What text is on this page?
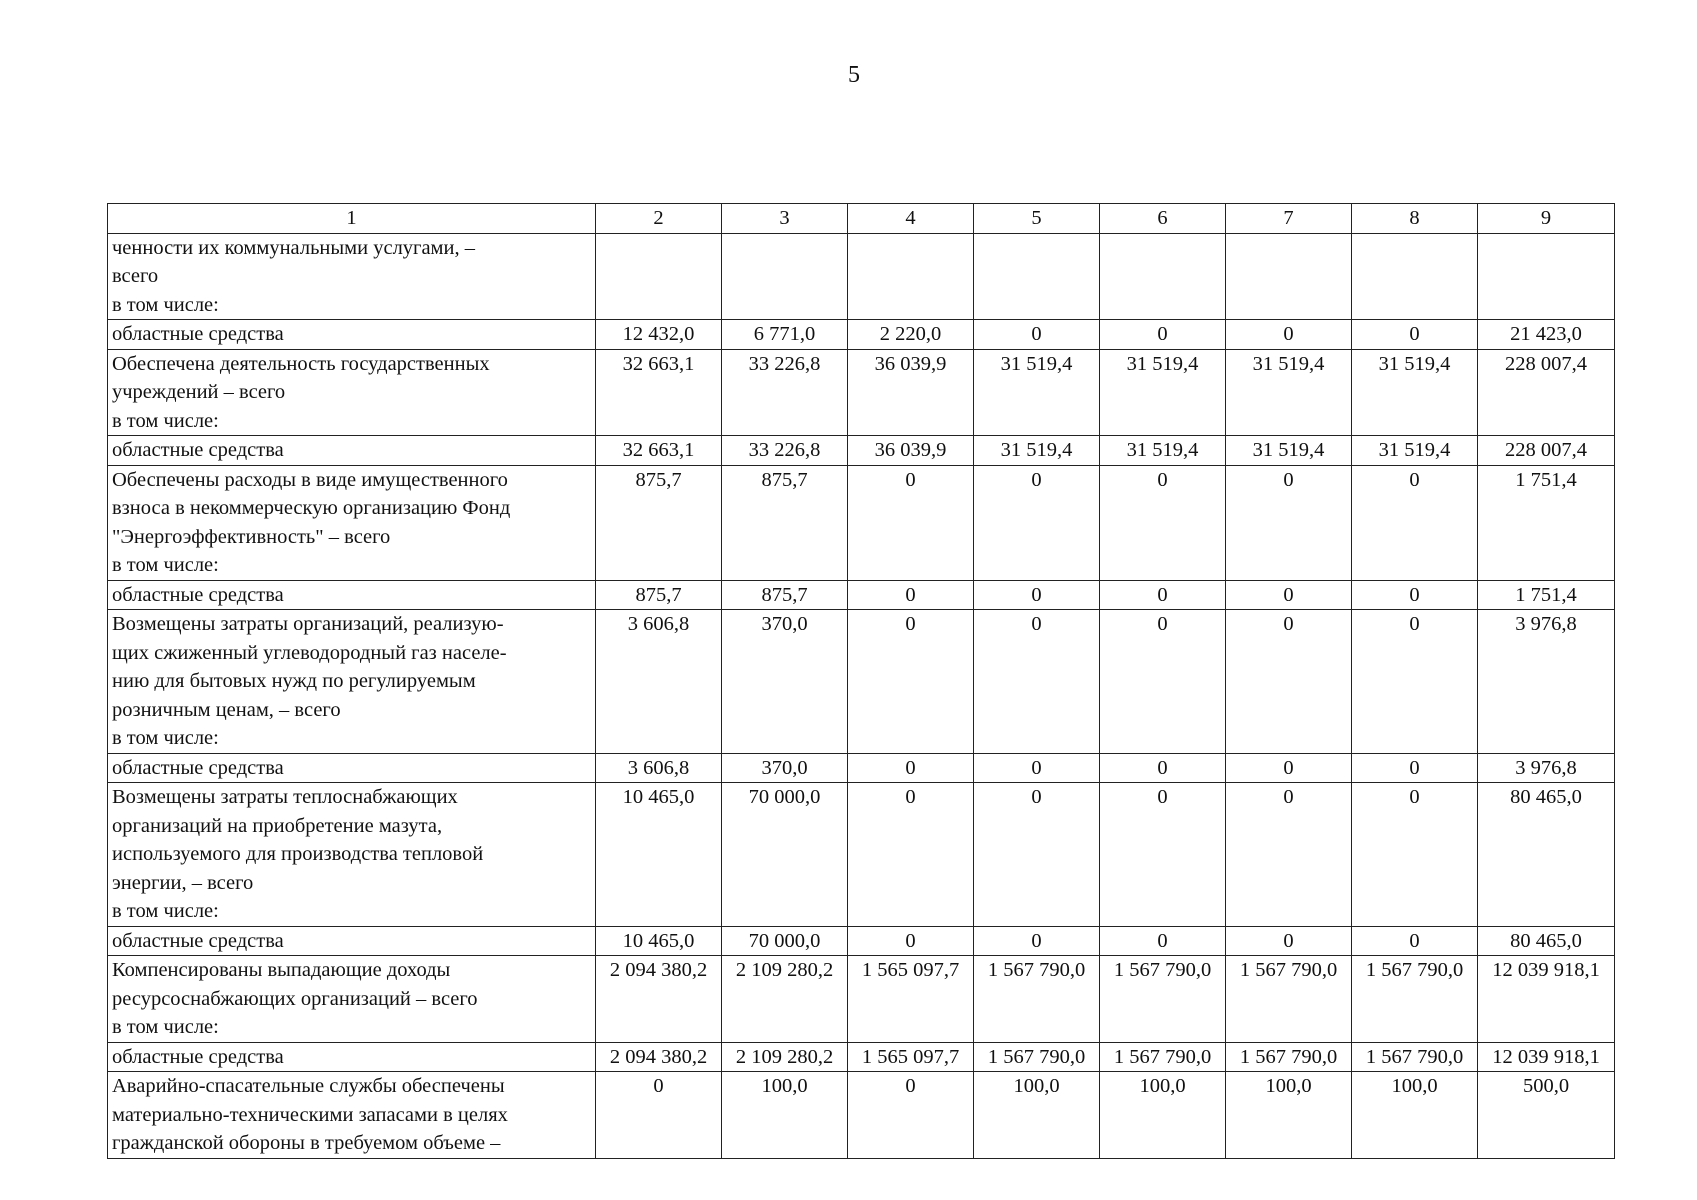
5
1	2	3	4	5	6	7	8	9
ченности их коммунальными услугами, –
всего
в том числе:								
областные средства	12 432,0	6 771,0	2 220,0	0	0	0	0	21 423,0
Обеспечена деятельность государственных
учреждений – всего
в том числе:	32 663,1	33 226,8	36 039,9	31 519,4	31 519,4	31 519,4	31 519,4	228 007,4
областные средства	32 663,1	33 226,8	36 039,9	31 519,4	31 519,4	31 519,4	31 519,4	228 007,4
Обеспечены расходы в виде имущественного
взноса в некоммерческую организацию Фонд
"Энергоэффективность" – всего
в том числе:	875,7	875,7	0	0	0	0	0	1 751,4
областные средства	875,7	875,7	0	0	0	0	0	1 751,4
Возмещены затраты организаций, реализую-
щих сжиженный углеводородный газ населе-
нию для бытовых нужд по регулируемым
розничным ценам, – всего
в том числе:	3 606,8	370,0	0	0	0	0	0	3 976,8
областные средства	3 606,8	370,0	0	0	0	0	0	3 976,8
Возмещены затраты теплоснабжающих
организаций на приобретение мазута,
используемого для производства тепловой
энергии, – всего
в том числе:	10 465,0	70 000,0	0	0	0	0	0	80 465,0
областные средства	10 465,0	70 000,0	0	0	0	0	0	80 465,0
Компенсированы выпадающие доходы
ресурсоснабжающих организаций – всего
в том числе:	2 094 380,2	2 109 280,2	1 565 097,7	1 567 790,0	1 567 790,0	1 567 790,0	1 567 790,0	12 039 918,1
областные средства	2 094 380,2	2 109 280,2	1 565 097,7	1 567 790,0	1 567 790,0	1 567 790,0	1 567 790,0	12 039 918,1
Аварийно-спасательные службы обеспечены
материально-техническими запасами в целях
гражданской обороны в требуемом объеме –	0	100,0	0	100,0	100,0	100,0	100,0	500,0
